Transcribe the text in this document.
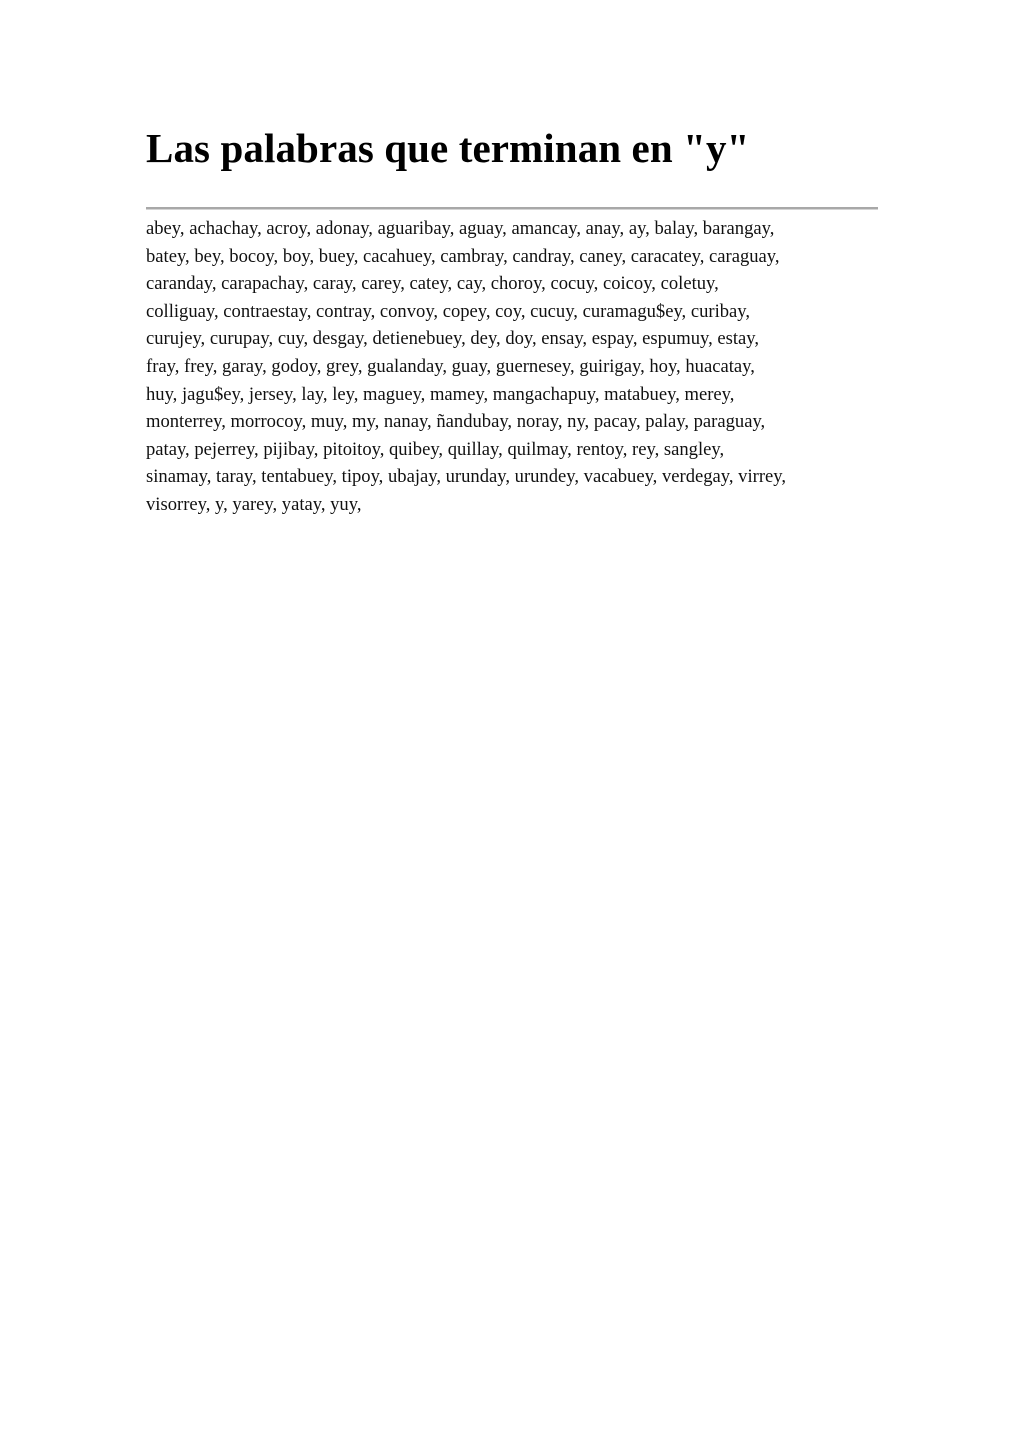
Las palabras que terminan en "y"
abey, achachay, acroy, adonay, aguaribay, aguay, amancay, anay, ay, balay, barangay,
batey, bey, bocoy, boy, buey, cacahuey, cambray, candray, caney, caracatey, caraguay,
caranday, carapachay, caray, carey, catey, cay, choroy, cocuy, coicoy, coletuy,
colliguay, contraestay, contray, convoy, copey, coy, cucuy, curamagu$ey, curibay,
curujey, curupay, cuy, desgay, detienebuey, dey, doy, ensay, espay, espumuy, estay,
fray, frey, garay, godoy, grey, gualanday, guay, guernesey, guirigay, hoy, huacatay,
huy, jagu$ey, jersey, lay, ley, maguey, mamey, mangachapuy, matabuey, merey,
monterrey, morrocoy, muy, my, nanay, ñandubay, noray, ny, pacay, palay, paraguay,
patay, pejerrey, pijibay, pitoitoy, quibey, quillay, quilmay, rentoy, rey, sangley,
sinamay, taray, tentabuey, tipoy, ubajay, urunday, urundey, vacabuey, verdegay, virrey,
visorrey, y, yarey, yatay, yuy,
